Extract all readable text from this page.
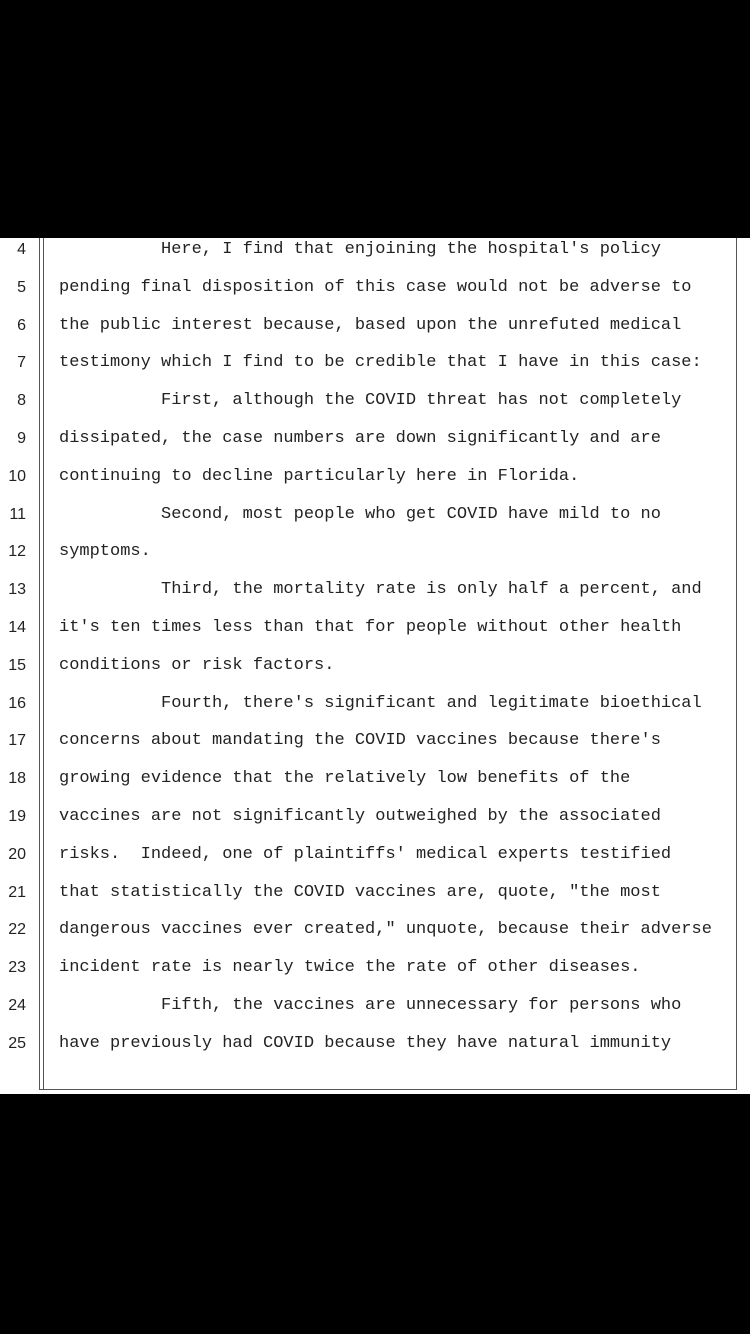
4 Here, I find that enjoining the hospital's policy
5 pending final disposition of this case would not be adverse to
6 the public interest because, based upon the unrefuted medical
7 testimony which I find to be credible that I have in this case:
8 First, although the COVID threat has not completely
9 dissipated, the case numbers are down significantly and are
10 continuing to decline particularly here in Florida.
11 Second, most people who get COVID have mild to no
12 symptoms.
13 Third, the mortality rate is only half a percent, and
14 it's ten times less than that for people without other health
15 conditions or risk factors.
16 Fourth, there's significant and legitimate bioethical
17 concerns about mandating the COVID vaccines because there's
18 growing evidence that the relatively low benefits of the
19 vaccines are not significantly outweighed by the associated
20 risks.  Indeed, one of plaintiffs' medical experts testified
21 that statistically the COVID vaccines are, quote, "the most
22 dangerous vaccines ever created," unquote, because their adverse
23 incident rate is nearly twice the rate of other diseases.
24 Fifth, the vaccines are unnecessary for persons who
25 have previously had COVID because they have natural immunity
